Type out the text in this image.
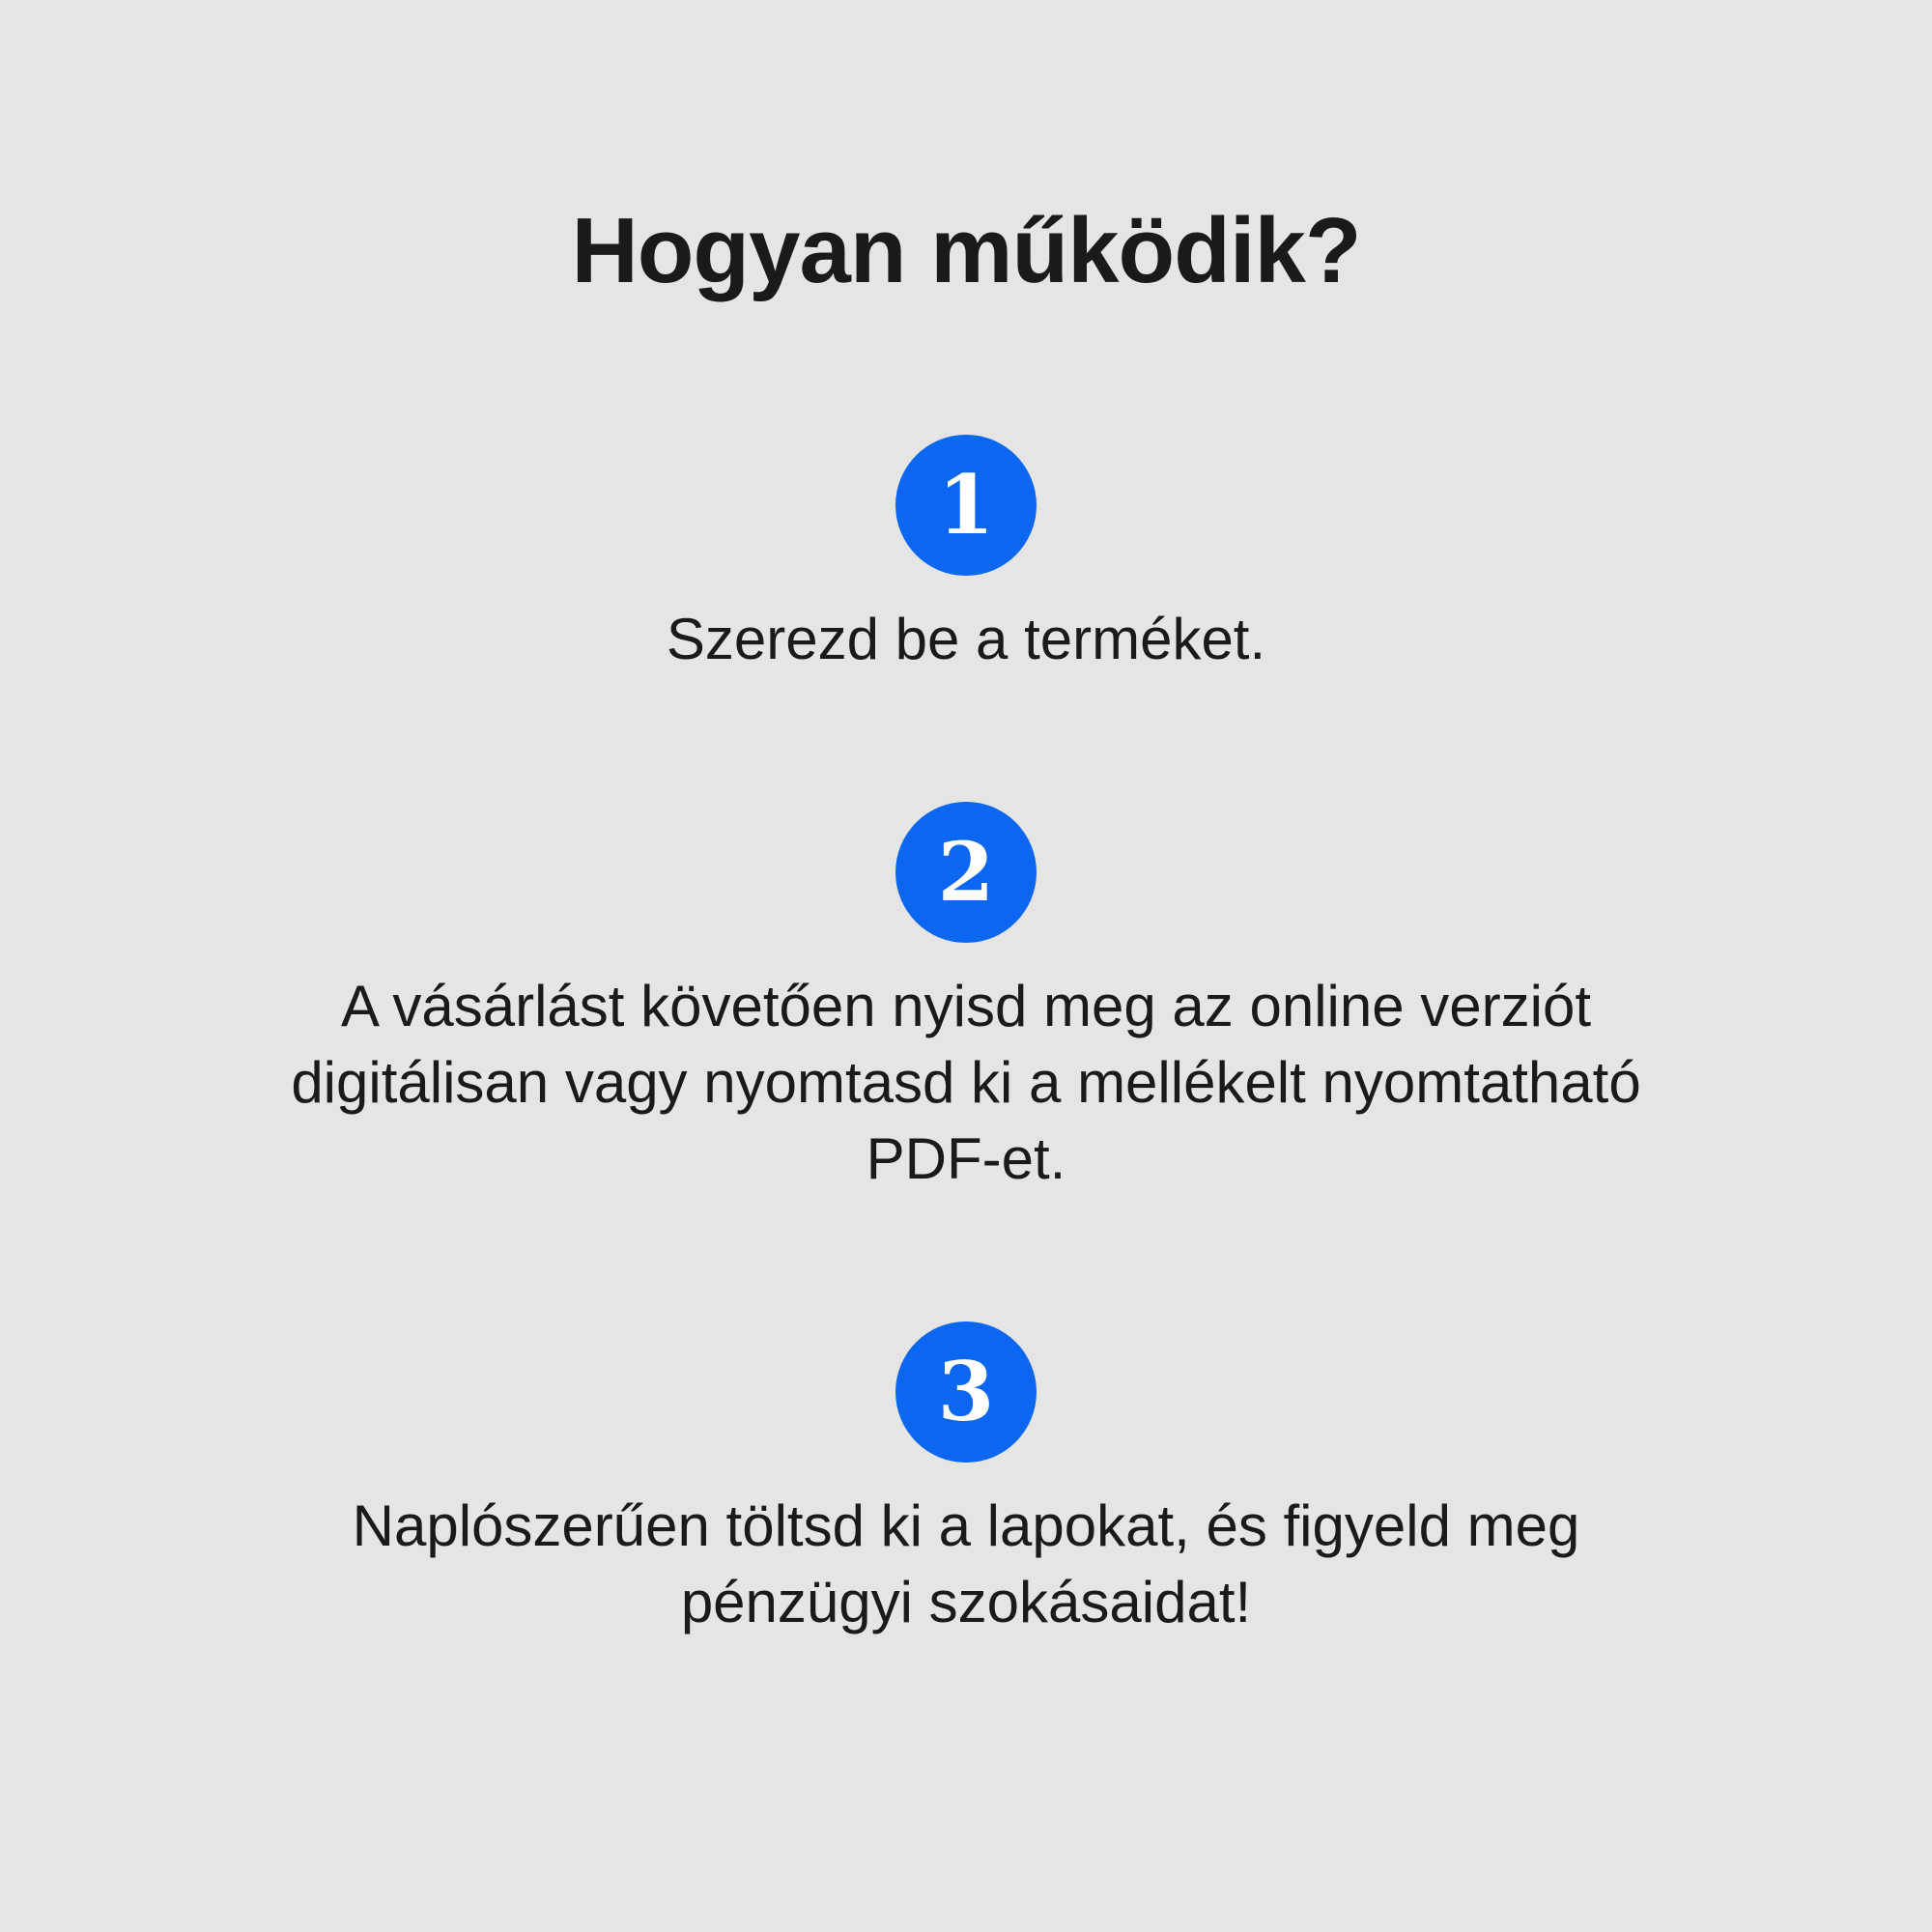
Hogyan működik?
1
Szerezd be a terméket.
2
A vásárlást követően nyisd meg az online verziót digitálisan vagy nyomtasd ki a mellékelt nyomtatható PDF-et.
3
Naplószerűen töltsd ki a lapokat, és figyeld meg pénzügyi szokásaidat!
